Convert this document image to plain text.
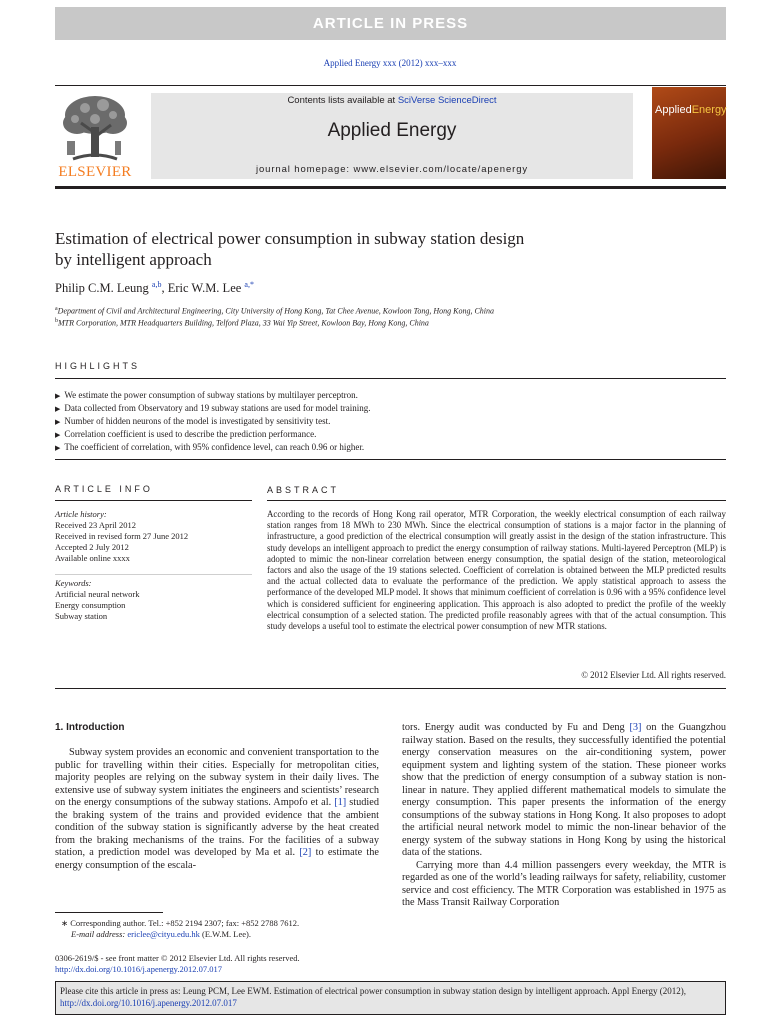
ARTICLE IN PRESS
Applied Energy xxx (2012) xxx–xxx
ELSEVIER
Contents lists available at SciVerse ScienceDirect
Applied Energy
journal homepage: www.elsevier.com/locate/apenergy
AppliedEnergy
Estimation of electrical power consumption in subway station design
by intelligent approach
Philip C.M. Leung $^{a,b}$, Eric W.M. Lee $^{a,*}$
$^a$Department of Civil and Architectural Engineering, City University of Hong Kong, Tat Chee Avenue, Kowloon Tong, Hong Kong, China
$^b$MTR Corporation, MTR Headquarters Building, Telford Plaza, 33 Wai Yip Street, Kowloon Bay, Hong Kong, China
HIGHLIGHTS
▶ We estimate the power consumption of subway stations by multilayer perceptron.
▶ Data collected from Observatory and 19 subway stations are used for model training.
▶ Number of hidden neurons of the model is investigated by sensitivity test.
▶ Correlation coefficient is used to describe the prediction performance.
▶ The coefficient of correlation, with 95% confidence level, can reach 0.96 or higher.
ARTICLE INFO	ABSTRACT
Article history:
Received 23 April 2012
Received in revised form 27 June 2012
Accepted 2 July 2012
Available online xxxx
Keywords:
Artificial neural network
Energy consumption
Subway station
According to the records of Hong Kong rail operator, MTR Corporation, the weekly electrical consumption of each railway station ranges from 18 MWh to 230 MWh. Since the electrical consumption of stations is a major factor in the planning of infrastructure, a good prediction of the electrical consumption will greatly assist in the design of the station infrastructure. This study develops an intelligent approach to predict the energy consumption of railway stations. Multi-layered Perceptron (MLP) is adopted to mimic the non-linear correlation between energy consumption, the spatial design of the station, meteorological factors and also the usage of the 19 stations selected. Coefficient of correlation is obtained between the MLP predicted results and the actual collected data to evaluate the performance of the prediction. We apply statistical approach to assess the performance of the developed MLP model. It shows that minimum coefficient of correlation is 0.96 with a 95% confidence level which is considered sufficient for engineering application. This approach is also adopted to predict the profile of the weekly electrical consumption of a selected station. The predicted profile reasonably agrees with that of the actual consumption. This study develops a useful tool to estimate the electrical power consumption of new MTR stations.
© 2012 Elsevier Ltd. All rights reserved.
1. Introduction

Subway system provides an economic and convenient transportation to the public for travelling within their cities. Especially for metropolitan cities, majority peoples are relying on the subway system in their daily lives. The extensive use of subway system initiates the engineers and scientists’ research on the energy consumptions of the subway stations. Ampofo et al. [1] studied the braking system of the trains and provided evidence that the ambient condition of the subway station is significantly adverse by the heat created from the braking mechanisms of the trains. For the facilities of a subway station, a prediction model was developed by Ma et al. [2] to estimate the energy consumption of the escala-

tors. Energy audit was conducted by Fu and Deng [3] on the Guangzhou railway station. Based on the results, they successfully identified the potential energy conservation measures on the air-conditioning system, power equipment system and lighting system of the station. These pioneer works show that the prediction of energy consumption of a subway station is non-linear in nature. They applied different mathematical models to simulate the energy consumption. This paper presents the information of the energy consumptions of the subway stations in Hong Kong. It also proposes to adopt the artificial neural network model to mimic the non-linear behavior of the energy system of the subway stations in Hong Kong by using the historical data of the stations.

Carrying more than 4.4 million passengers every weekday, the MTR is regarded as one of the world’s leading railways for safety, reliability, customer service and cost efficiency. The MTR Corporation was established in 1975 as the Mass Transit Railway Corporation

∗ Corresponding author. Tel.: +852 2194 2307; fax: +852 2788 7612.
E-mail address: ericlee@cityu.edu.hk (E.W.M. Lee).
0306-2619/$ - see front matter © 2012 Elsevier Ltd. All rights reserved.
http://dx.doi.org/10.1016/j.apenergy.2012.07.017
Please cite this article in press as: Leung PCM, Lee EWM. Estimation of electrical power consumption in subway station design by intelligent approach. Appl Energy (2012), http://dx.doi.org/10.1016/j.apenergy.2012.07.017
